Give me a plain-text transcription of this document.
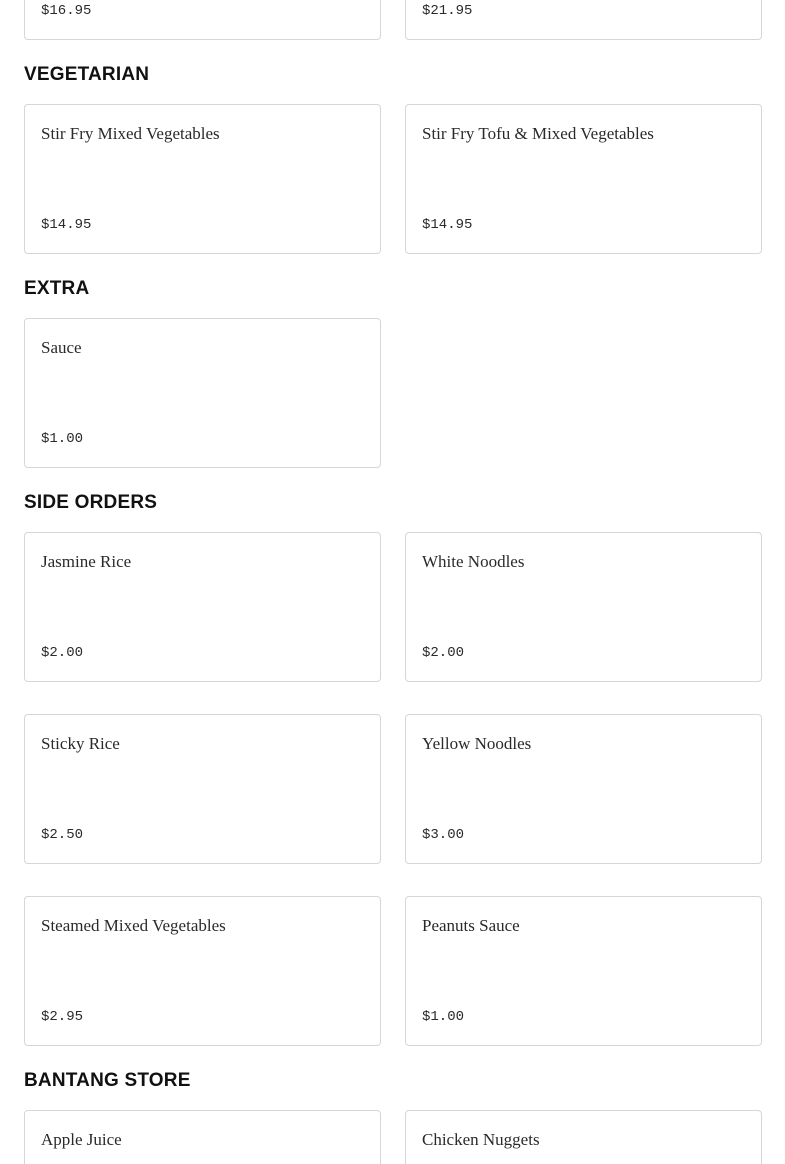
$16.95	$21.95
VEGETARIAN
Stir Fry Mixed Vegetables
$14.95
Stir Fry Tofu & Mixed Vegetables
$14.95
EXTRA
Sauce
$1.00
SIDE ORDERS
Jasmine Rice
$2.00
White Noodles
$2.00
Sticky Rice
$2.50
Yellow Noodles
$3.00
Steamed Mixed Vegetables
$2.95
Peanuts Sauce
$1.00
BANTANG STORE
Apple Juice	Chicken Nuggets
